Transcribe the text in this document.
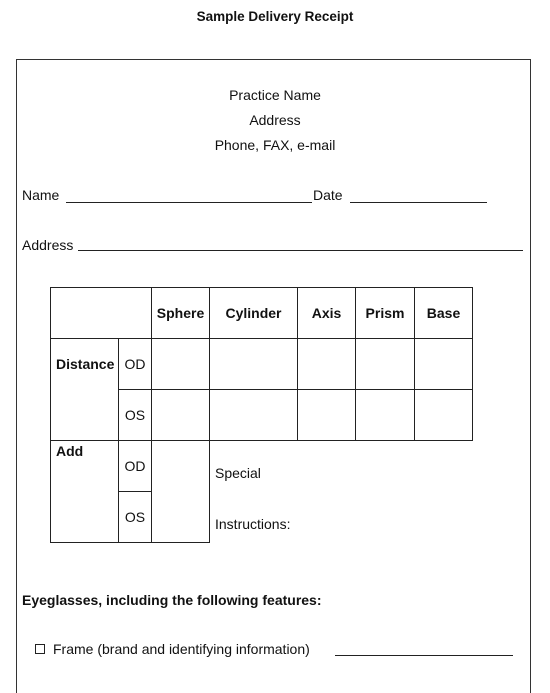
Sample Delivery Receipt
Practice Name
Address
Phone, FAX, e-mail
Name	Date
Address
		Sphere	Cylinder	Axis	Prism	Base
Distance	OD					
	OS					
Add	OD					
	OS					
Special
Instructions:
Eyeglasses, including the following features:
Frame (brand and identifying information)
